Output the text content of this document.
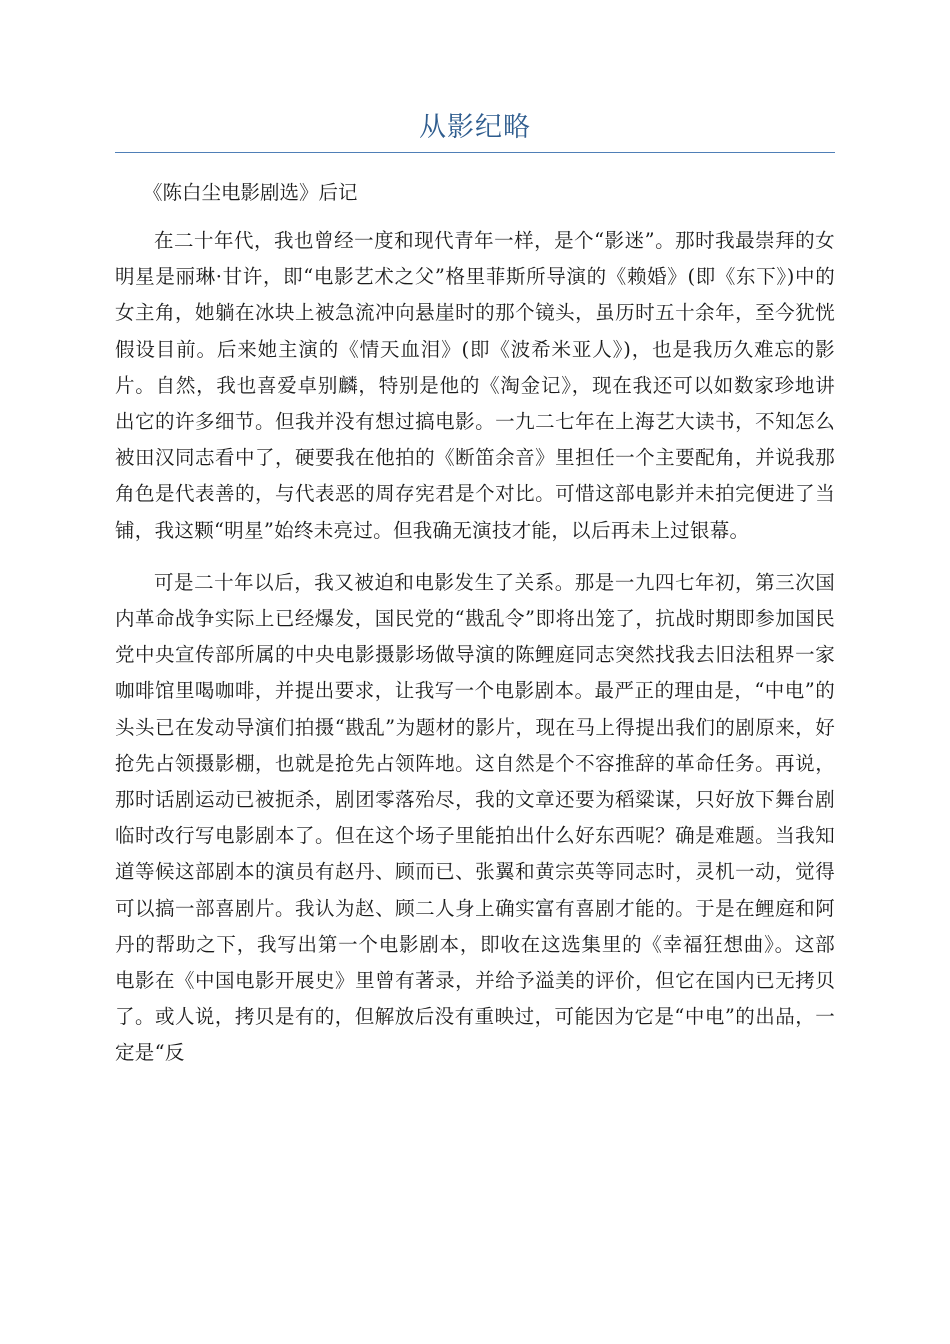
从影纪略
《陈白尘电影剧选》后记

在二十年代，我也曾经一度和现代青年一样，是个“影迷”。那时我最崇拜的女明星是丽琳·甘许，即“电影艺术之父”格里菲斯所导演的《赖婚》(即《东下》)中的女主角，她躺在冰块上被急流冲向悬崖时的那个镜头，虽历时五十余年，至今犹恍假设目前。后来她主演的《情天血泪》(即《波希米亚人》)，也是我历久难忘的影片。自然，我也喜爱卓别麟，特别是他的《淘金记》，现在我还可以如数家珍地讲出它的许多细节。但我并没有想过搞电影。一九二七年在上海艺大读书，不知怎么被田汉同志看中了，硬要我在他拍的《断笛余音》里担任一个主要配角，并说我那角色是代表善的，与代表恶的周存宪君是个对比。可惜这部电影并未拍完便进了当铺，我这颗“明星”始终未亮过。但我确无演技才能，以后再未上过银幕。

可是二十年以后，我又被迫和电影发生了关系。那是一九四七年初，第三次国内革命战争实际上已经爆发，国民党的“戡乱令”即将出笼了，抗战时期即参加国民党中央宣传部所属的中央电影摄影场做导演的陈鲤庭同志突然找我去旧法租界一家咖啡馆里喝咖啡，并提出要求，让我写一个电影剧本。最严正的理由是，“中电”的头头已在发动导演们拍摄“戡乱”为题材的影片，现在马上得提出我们的剧原来，好抢先占领摄影棚，也就是抢先占领阵地。这自然是个不容推辞的革命任务。再说，那时话剧运动已被扼杀，剧团零落殆尽，我的文章还要为稻粱谋，只好放下舞台剧临时改行写电影剧本了。但在这个场子里能拍出什么好东西呢？确是难题。当我知道等候这部剧本的演员有赵丹、顾而已、张翼和黄宗英等同志时，灵机一动，觉得可以搞一部喜剧片。我认为赵、顾二人身上确实富有喜剧才能的。于是在鲤庭和阿丹的帮助之下，我写出第一个电影剧本，即收在这选集里的《幸福狂想曲》。这部电影在《中国电影开展史》里曾有著录，并给予溢美的评价，但它在国内已无拷贝了。或人说，拷贝是有的，但解放后没有重映过，可能因为它是“中电”的出品，一定是“反
